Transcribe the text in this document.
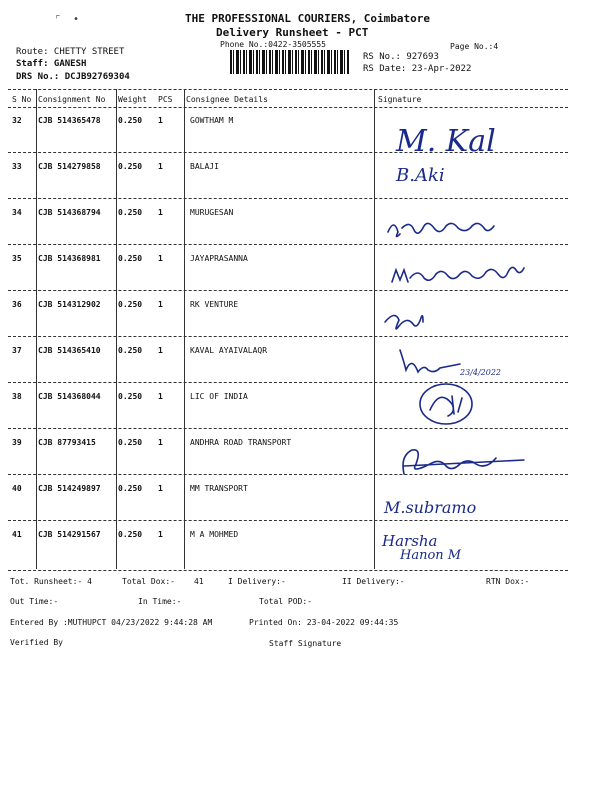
⌜  •	THE PROFESSIONAL COURIERS, Coimbatore
Delivery Runsheet - PCT
Phone No.:0422-3505555	Page No.:4
Route: CHETTY STREET
Staff: GANESH
DRS No.: DCJB92769304
RS No.: 927693
RS Date: 23-Apr-2022
S No Consignment No Weight PCS Consignee Details	Signature
32 CJB 514365478 0.250 1	GOWTHAM M
33 CJB 514279858 0.250 1	BALAJI
34 CJB 514368794 0.250 1	MURUGESAN
35 CJB 514368981 0.250 1	JAYAPRASANNA
36 CJB 514312902 0.250 1	RK VENTURE
37 CJB 514365410 0.250 1	KAVAL AYAIVALAQR
38 CJB 514368044 0.250 1	LIC OF INDIA
39 CJB 87793415	0.250 1	ANDHRA ROAD TRANSPORT
40 CJB 514249897 0.250 1	MM TRANSPORT
41 CJB 514291567 0.250 1	M A MOHMED
M. Kal
B.Aki
23/4/2022
M.subramo
Harsha
Hanon M
Tot. Runsheet:- 4	Total Dox:- 41	I Delivery:-	II Delivery:-	RTN Dox:-
Out Time:-	In Time:-	Total POD:-
Entered By :MUTHUPCT 04/23/2022 9:44:28 AM	Printed On: 23-04-2022 09:44:35
Verified By	Staff Signature
